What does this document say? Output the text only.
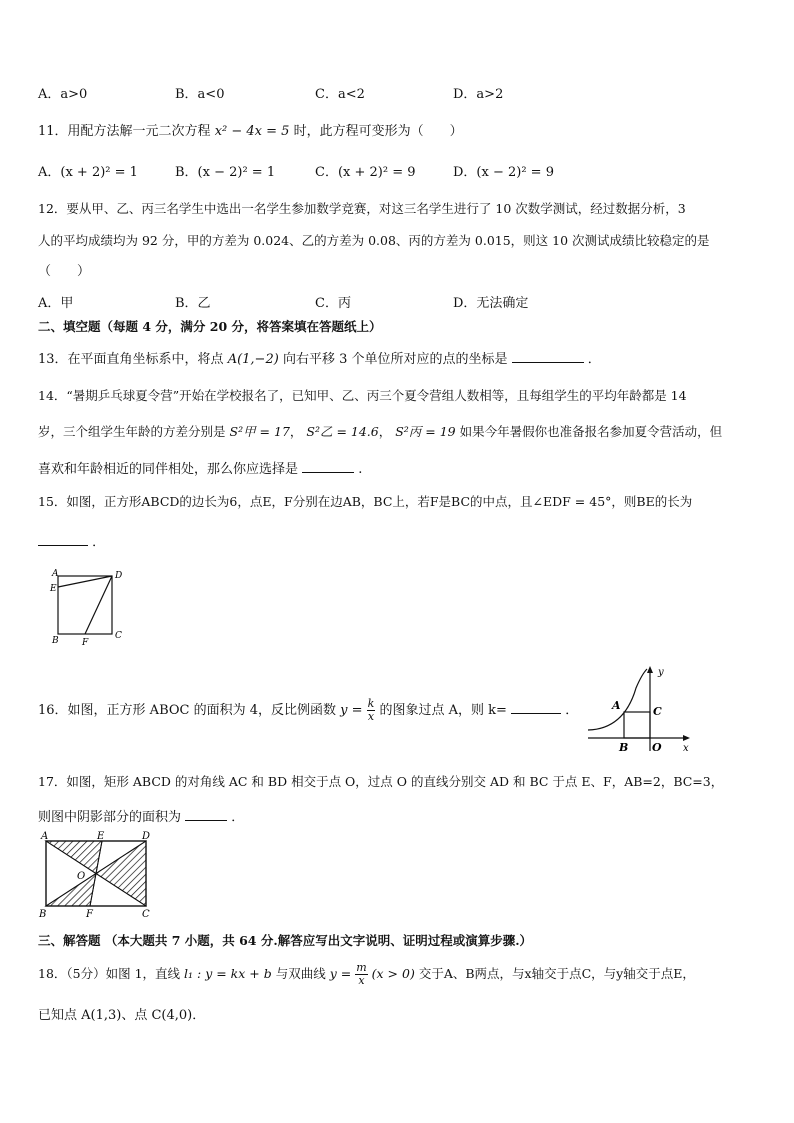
A．a>0	B．a<0	C．a<2	D．a>2
11．用配方法解一元二次方程 x² − 4x = 5 时，此方程可变形为（　　）
A．(x + 2)² = 1	B．(x − 2)² = 1	C．(x + 2)² = 9	D．(x − 2)² = 9
12．要从甲、乙、丙三名学生中选出一名学生参加数学竞赛，对这三名学生进行了 10 次数学测试，经过数据分析，3
人的平均成绩均为 92 分，甲的方差为 0.024、乙的方差为 0.08、丙的方差为 0.015，则这 10 次测试成绩比较稳定的是
（　　）
A．甲	B．乙	C．丙	D．无法确定
二、填空题（每题 4 分，满分 20 分，将答案填在答题纸上）
13．在平面直角坐标系中，将点 A(1,−2) 向右平移 3 个单位所对应的点的坐标是	．
14．“暑期乒乓球夏令营”开始在学校报名了，已知甲、乙、丙三个夏令营组人数相等，且每组学生的平均年龄都是 14
岁，三个组学生年龄的方差分别是 S²甲 = 17， S²乙 = 14.6， S²丙 = 19 如果今年暑假你也准备报名参加夏令营活动，但
喜欢和年龄相近的同伴相处，那么你应选择是	.
15．如图，正方形ABCD的边长为6，点E，F分别在边AB，BC上，若F是BC的中点，且∠EDF = 45°，则BE的长为
．
A	D
E
B	F
C
16．如图，正方形 ABOC 的面积为 4，反比例函数 $y = \frac{k}{x}$ 的图象过点 A，则 k=	．
y
A	C
B O x
17．如图，矩形 ABCD 的对角线 AC 和 BD 相交于点 O，过点 O 的直线分别交 AD 和 BC 于点 E、F，AB=2，BC=3，
则图中阴影部分的面积为	．
A	E	D
O
B	F	C
三、解答题 （本大题共 7 小题，共 64 分.解答应写出文字说明、证明过程或演算步骤.）
18．（5分）如图 1，直线 l₁ : y = kx + b 与双曲线 $y = \frac{m}{x} (x > 0)$ 交于A、B两点，与x轴交于点C，与y轴交于点E，
已知点 A(1,3)、点 C(4,0)．
